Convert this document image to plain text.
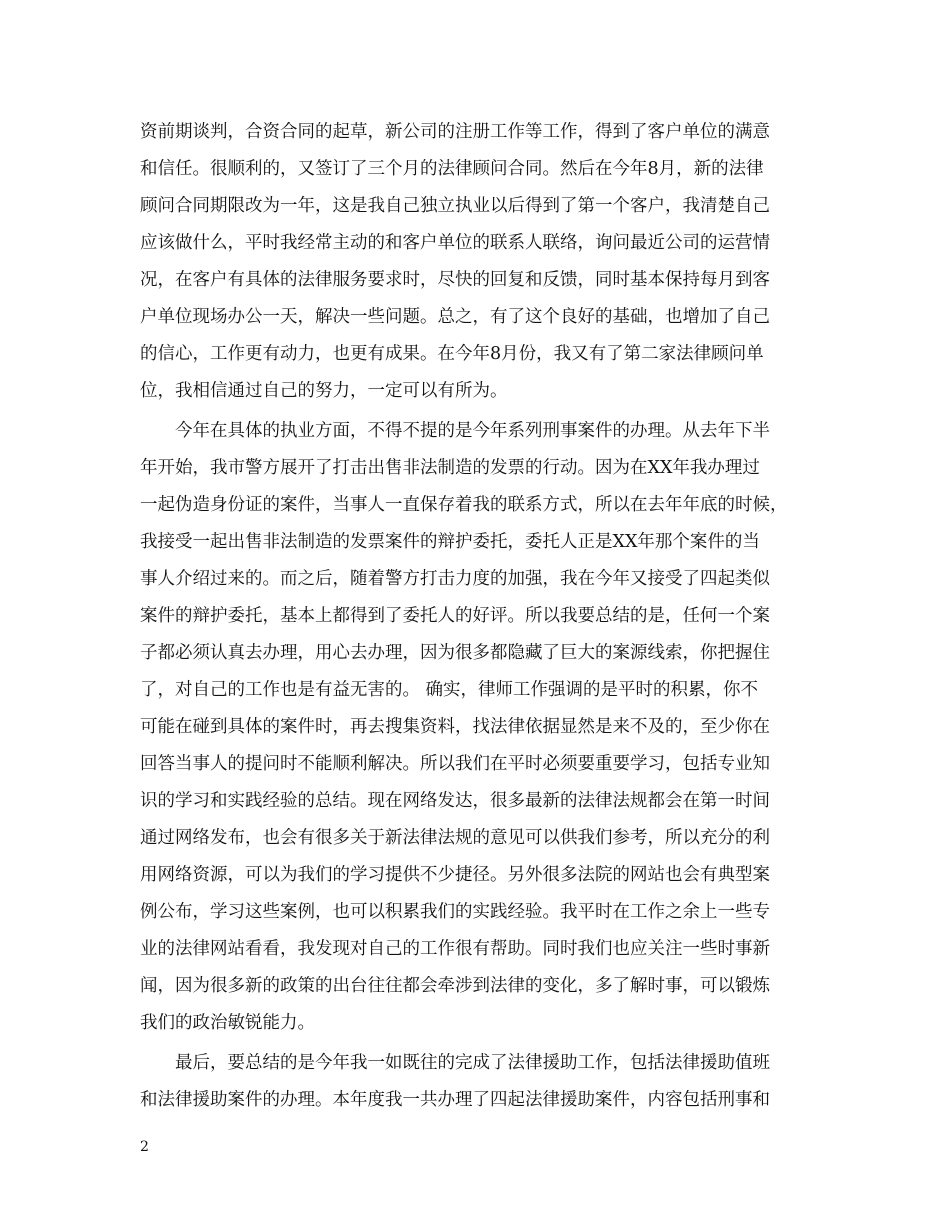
资前期谈判，合资合同的起草，新公司的注册工作等工作，得到了客户单位的满意
和信任。很顺利的，又签订了三个月的法律顾问合同。然后在今年8月，新的法律
顾问合同期限改为一年，这是我自己独立执业以后得到了第一个客户，我清楚自己
应该做什么，平时我经常主动的和客户单位的联系人联络，询问最近公司的运营情
况，在客户有具体的法律服务要求时，尽快的回复和反馈，同时基本保持每月到客
户单位现场办公一天，解决一些问题。总之，有了这个良好的基础，也增加了自己
的信心，工作更有动力，也更有成果。在今年8月份，我又有了第二家法律顾问单
位，我相信通过自己的努力，一定可以有所为。
　　今年在具体的执业方面，不得不提的是今年系列刑事案件的办理。从去年下半
年开始，我市警方展开了打击出售非法制造的发票的行动。因为在XX年我办理过
一起伪造身份证的案件，当事人一直保存着我的联系方式，所以在去年年底的时候，
我接受一起出售非法制造的发票案件的辩护委托，委托人正是XX年那个案件的当
事人介绍过来的。而之后，随着警方打击力度的加强，我在今年又接受了四起类似
案件的辩护委托，基本上都得到了委托人的好评。所以我要总结的是，任何一个案
子都必须认真去办理，用心去办理，因为很多都隐藏了巨大的案源线索，你把握住
了，对自己的工作也是有益无害的。 确实，律师工作强调的是平时的积累，你不
可能在碰到具体的案件时，再去搜集资料，找法律依据显然是来不及的，至少你在
回答当事人的提问时不能顺利解决。所以我们在平时必须要重要学习，包括专业知
识的学习和实践经验的总结。现在网络发达，很多最新的法律法规都会在第一时间
通过网络发布，也会有很多关于新法律法规的意见可以供我们参考，所以充分的利
用网络资源，可以为我们的学习提供不少捷径。另外很多法院的网站也会有典型案
例公布，学习这些案例，也可以积累我们的实践经验。我平时在工作之余上一些专
业的法律网站看看，我发现对自己的工作很有帮助。同时我们也应关注一些时事新
闻，因为很多新的政策的出台往往都会牵涉到法律的变化，多了解时事，可以锻炼
我们的政治敏锐能力。
　　最后，要总结的是今年我一如既往的完成了法律援助工作，包括法律援助值班
和法律援助案件的办理。本年度我一共办理了四起法律援助案件，内容包括刑事和
2
